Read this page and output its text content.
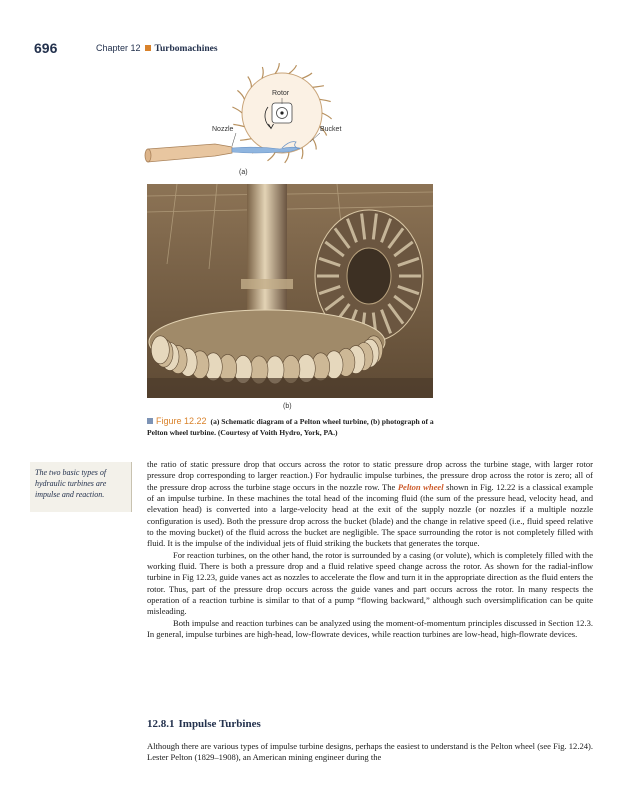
696	Chapter 12 Turbomachines
Rotor
Nozzle	Bucket
(a)
(b)
Figure 12.22 (a) Schematic diagram of a Pelton wheel turbine, (b) photograph of a Pelton wheel turbine. (Courtesy of Voith Hydro, York, PA.)
The two basic types of hydraulic turbines are impulse and reaction.

the ratio of static pressure drop that occurs across the rotor to static pressure drop across the turbine stage, with larger rotor pressure drop corresponding to larger reaction.) For hydraulic impulse turbines, the pressure drop across the rotor is zero; all of the pressure drop across the turbine stage occurs in the nozzle row. The Pelton wheel shown in Fig. 12.22 is a classical example of an impulse turbine. In these machines the total head of the incoming fluid (the sum of the pressure head, velocity head, and elevation head) is converted into a large-velocity head at the exit of the supply nozzle (or nozzles if a multiple nozzle configuration is used). Both the pressure drop across the bucket (blade) and the change in relative speed (i.e., fluid speed relative to the moving bucket) of the fluid across the bucket are negligible. The space surrounding the rotor is not completely filled with fluid. It is the impulse of the individual jets of fluid striking the buckets that generates the torque.

For reaction turbines, on the other hand, the rotor is surrounded by a casing (or volute), which is completely filled with the working fluid. There is both a pressure drop and a fluid relative speed change across the rotor. As shown for the radial-inflow turbine in Fig 12.23, guide vanes act as nozzles to accelerate the flow and turn it in the appropriate direction as the fluid enters the rotor. Thus, part of the pressure drop occurs across the guide vanes and part occurs across the rotor. In many respects the operation of a reaction turbine is similar to that of a pump “flowing backward,” although such oversimplification can be quite misleading.

Both impulse and reaction turbines can be analyzed using the moment-of-momentum principles discussed in Section 12.3. In general, impulse turbines are high-head, low-flowrate devices, while reaction turbines are low-head, high-flowrate devices.

12.8.1 Impulse Turbines

Although there are various types of impulse turbine designs, perhaps the easiest to understand is the Pelton wheel (see Fig. 12.24). Lester Pelton (1829–1908), an American mining engineer during the
